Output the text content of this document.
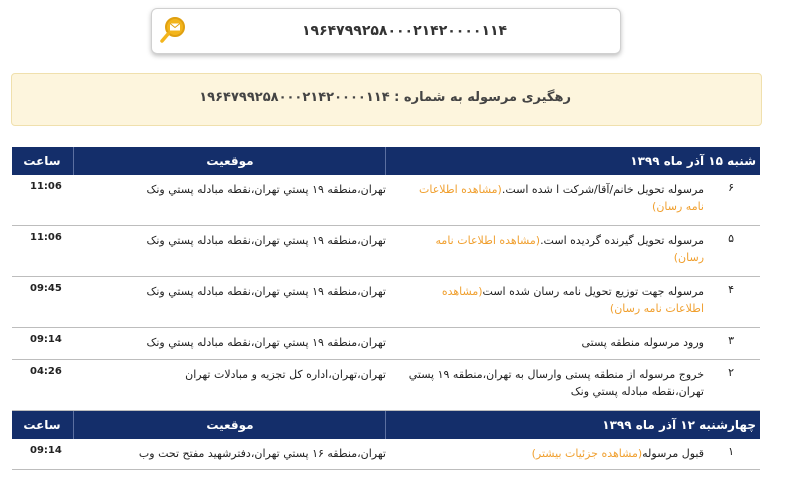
۱۹۶۴۷۹۹۲۵۸۰۰۰۲۱۴۲۰۰۰۰۱۱۴
رهگیری مرسوله به شماره : ۱۹۶۴۷۹۹۲۵۸۰۰۰۲۱۴۲۰۰۰۰۱۱۴
شنبه ۱۵ آذر ماه ۱۳۹۹
موقعیت
ساعت
۶
مرسوله تحویل خانم/آقا/شرکت ا شده است.(مشاهده اطلاعات نامه رسان)
تهران،منطقه ۱۹ پستي تهران،نقطه مبادله پستي ونک
11:06
۵
مرسوله تحویل گیرنده گردیده است.(مشاهده اطلاعات نامه رسان)
تهران،منطقه ۱۹ پستي تهران،نقطه مبادله پستي ونک
11:06
۴
مرسوله جهت توزیع تحویل نامه رسان شده است(مشاهده اطلاعات نامه رسان)
تهران،منطقه ۱۹ پستي تهران،نقطه مبادله پستي ونک
09:45
۳
ورود مرسوله منطقه پستی
تهران،منطقه ۱۹ پستي تهران،نقطه مبادله پستي ونک
09:14
۲
خروج مرسوله از منطقه پستی وارسال به تهران،منطقه ۱۹ پستي تهران،نقطه مبادله پستي ونک
تهران،تهران،اداره کل تجزیه و مبادلات تهران
04:26
چهارشنبه ۱۲ آذر ماه ۱۳۹۹
موقعیت
ساعت
۱
قبول مرسوله(مشاهده جزئیات بیشتر)
تهران،منطقه ۱۶ پستي تهران،دفترشهید مفتح تحت وب
09:14
